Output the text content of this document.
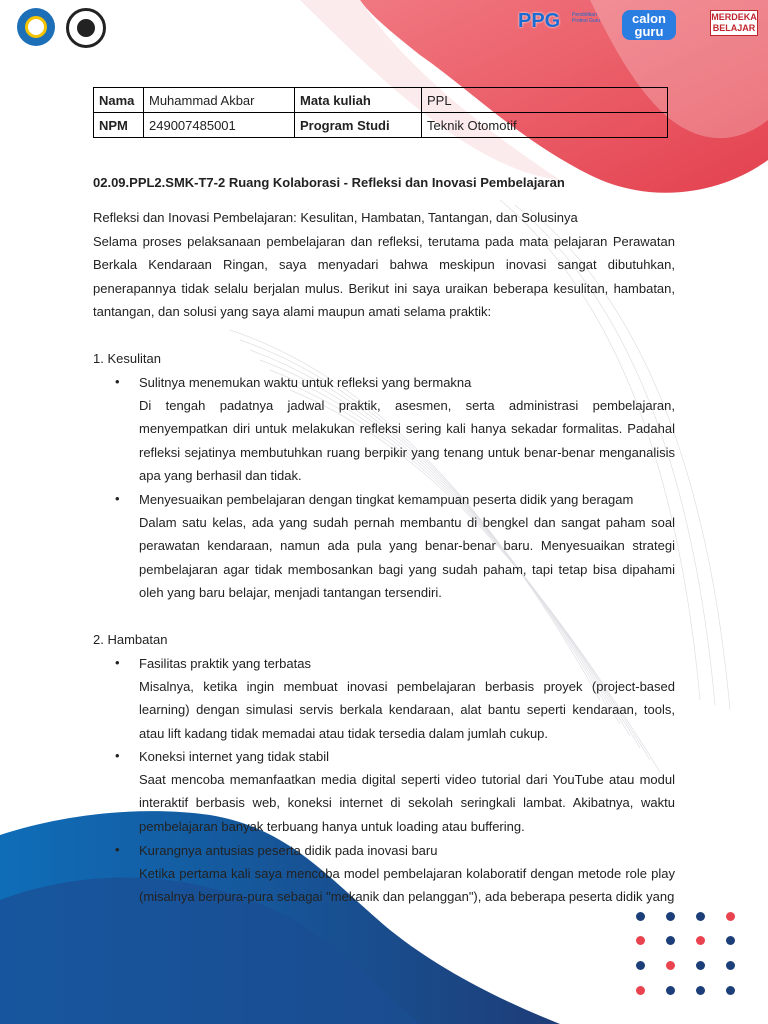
PPG Pendidikan Profesi Guru	calon guru
MERDEKA BELAJAR
Nama	Muhammad Akbar	Mata kuliah	PPL
NPM	249007485001	Program Studi	Teknik Otomotif
02.09.PPL2.SMK-T7-2 Ruang Kolaborasi - Refleksi dan Inovasi Pembelajaran
Refleksi dan Inovasi Pembelajaran: Kesulitan, Hambatan, Tantangan, dan Solusinya
Selama proses pelaksanaan pembelajaran dan refleksi, terutama pada mata pelajaran Perawatan Berkala Kendaraan Ringan, saya menyadari bahwa meskipun inovasi sangat dibutuhkan, penerapannya tidak selalu berjalan mulus. Berikut ini saya uraikan beberapa kesulitan, hambatan, tantangan, dan solusi yang saya alami maupun amati selama praktik:
1. Kesulitan
• Sulitnya menemukan waktu untuk refleksi yang bermakna
Di tengah padatnya jadwal praktik, asesmen, serta administrasi pembelajaran, menyempatkan diri untuk melakukan refleksi sering kali hanya sekadar formalitas. Padahal refleksi sejatinya membutuhkan ruang berpikir yang tenang untuk benar-benar menganalisis apa yang berhasil dan tidak.
• Menyesuaikan pembelajaran dengan tingkat kemampuan peserta didik yang beragam
Dalam satu kelas, ada yang sudah pernah membantu di bengkel dan sangat paham soal perawatan kendaraan, namun ada pula yang benar-benar baru. Menyesuaikan strategi pembelajaran agar tidak membosankan bagi yang sudah paham, tapi tetap bisa dipahami oleh yang baru belajar, menjadi tantangan tersendiri.
2. Hambatan
• Fasilitas praktik yang terbatas
Misalnya, ketika ingin membuat inovasi pembelajaran berbasis proyek (project-based learning) dengan simulasi servis berkala kendaraan, alat bantu seperti kendaraan, tools, atau lift kadang tidak memadai atau tidak tersedia dalam jumlah cukup.
• Koneksi internet yang tidak stabil
Saat mencoba memanfaatkan media digital seperti video tutorial dari YouTube atau modul interaktif berbasis web, koneksi internet di sekolah seringkali lambat. Akibatnya, waktu pembelajaran banyak terbuang hanya untuk loading atau buffering.
• Kurangnya antusias peserta didik pada inovasi baru
Ketika pertama kali saya mencoba model pembelajaran kolaboratif dengan metode role play (misalnya berpura-pura sebagai "mekanik dan pelanggan"), ada beberapa peserta didik yang
